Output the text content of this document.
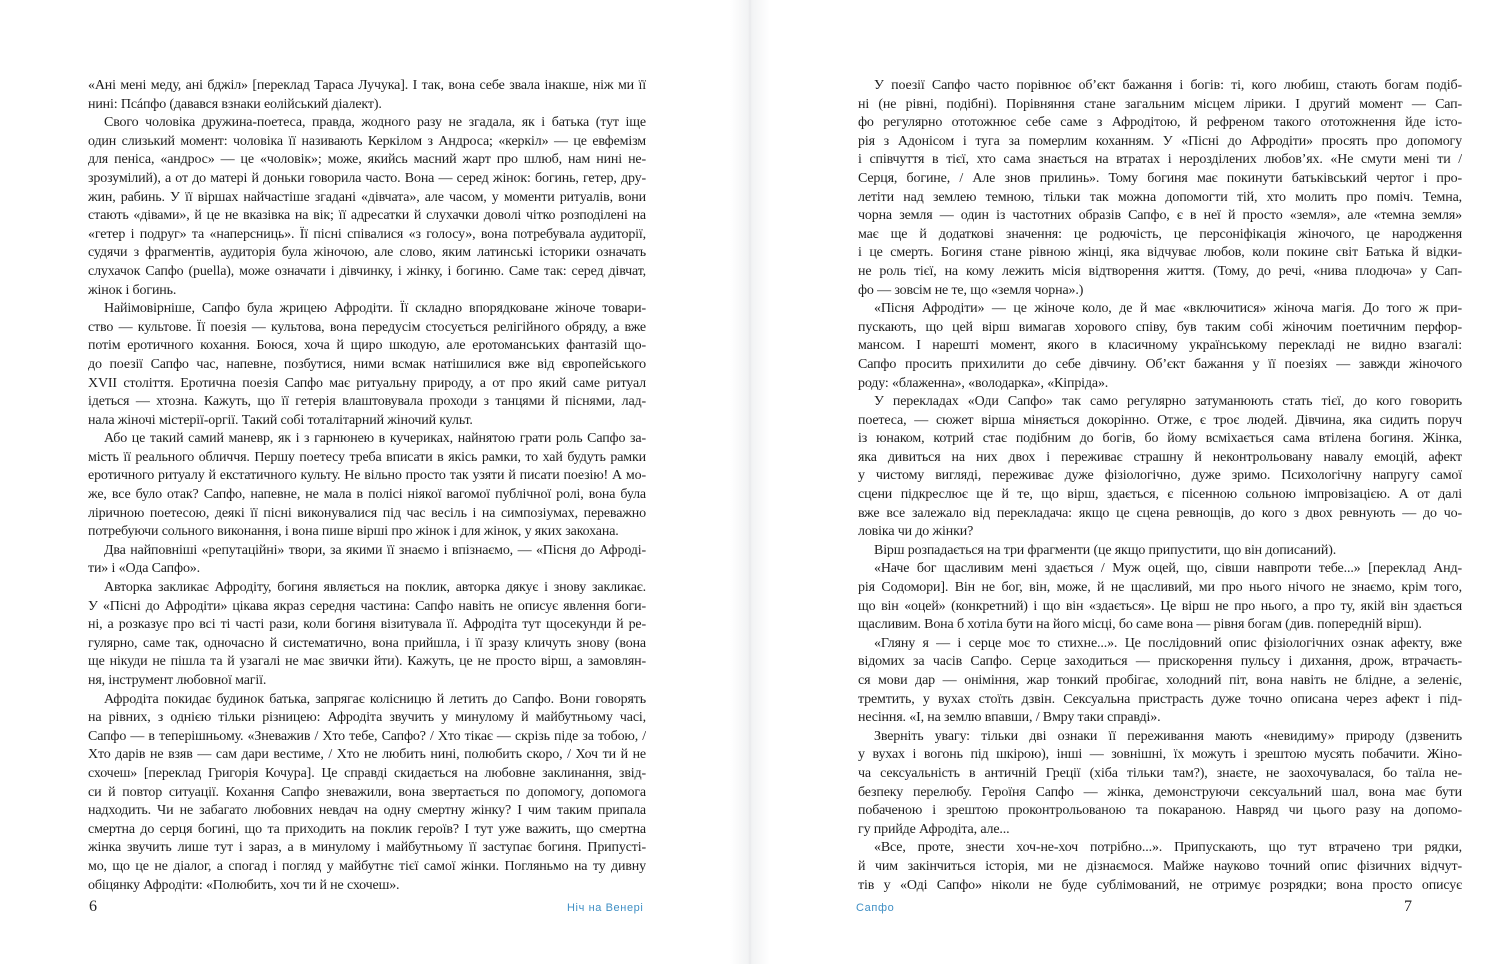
«Ані мені меду, ані бджіл» [переклад Тараса Лучука]. І так, вона себе звала інакше, ніж ми її
нині: Псáпфо (давався взнаки еолійський діалект).
Свого чоловіка дружина-поетеса, правда, жодного разу не згадала, як і батька (тут іще
один слизький момент: чоловіка її називають Керкілом з Андроса; «керкіл» — це евфемізм
для пеніса, «андрос» — це «чоловік»; може, якийсь масний жарт про шлюб, нам нині не-
зрозумілий), а от до матері й доньки говорила часто. Вона — серед жінок: богинь, гетер, дру-
жин, рабинь. У її віршах найчастіше згадані «дівчата», але часом, у моменти ритуалів, вони
стають «дівами», й це не вказівка на вік; її адресатки й слухачки доволі чітко розподілені на
«гетер і подруг» та «наперсниць». Її пісні співалися «з голосу», вона потребувала аудиторії,
судячи з фрагментів, аудиторія була жіночою, але слово, яким латинські історики означать
слухачок Сапфо (puella), може означати і дівчинку, і жінку, і богиню. Саме так: серед дівчат,
жінок і богинь.
Найімовірніше, Сапфо була жрицею Афродіти. Її складно впорядковане жіноче товари-
ство — культове. Її поезія — культова, вона передусім стосується релігійного обряду, а вже
потім еротичного кохання. Боюся, хоча й щиро шкодую, але еротоманських фантазій що-
до поезії Сапфо час, напевне, позбутися, ними всмак натішилися вже від європейського
XVII століття. Еротична поезія Сапфо має ритуальну природу, а от про який саме ритуал
ідеться — хтозна. Кажуть, що її гетерія влаштовувала проходи з танцями й піснями, лад-
нала жіночі містерії-оргії. Такий собі тоталітарний жіночий культ.
Або це такий самий маневр, як і з гарнюнею в кучериках, найнятою грати роль Сапфо за-
мість її реального обличчя. Першу поетесу треба вписати в якісь рамки, то хай будуть рамки
еротичного ритуалу й екстатичного культу. Не вільно просто так узяти й писати поезію! А мо-
же, все було отак? Сапфо, напевне, не мала в полісі ніякої вагомої публічної ролі, вона була
ліричною поетесою, деякі її пісні виконувалися під час весіль і на симпозіумах, переважно
потребуючи сольного виконання, і вона пише вірші про жінок і для жінок, у яких закохана.
Два найповніші «репутаційні» твори, за якими її знаємо і впізнаємо, — «Пісня до Афроді-
ти» і «Ода Сапфо».
Авторка закликає Афродіту, богиня являється на поклик, авторка дякує і знову закликає.
У «Пісні до Афродіти» цікава якраз середня частина: Сапфо навіть не описує явлення боги-
ні, а розказує про всі ті часті рази, коли богиня візитувала її. Афродіта тут щосекунди й ре-
гулярно, саме так, одночасно й систематично, вона прийшла, і її зразу кличуть знову (вона
ще нікуди не пішла та й узагалі не має звички йти). Кажуть, це не просто вірш, а замовлян-
ня, інструмент любовної магії.
Афродіта покидає будинок батька, запрягає колісницю й летить до Сапфо. Вони говорять
на рівних, з однією тільки різницею: Афродіта звучить у минулому й майбутньому часі,
Сапфо — в теперішньому. «Зневажив / Хто тебе, Сапфо? / Хто тікає — скрізь піде за тобою, /
Хто дарів не взяв — сам дари вестиме, / Хто не любить нині, полюбить скоро, / Хоч ти й не
схочеш» [переклад Григорія Кочура]. Це справді скидається на любовне заклинання, звід-
си й повтор ситуації. Кохання Сапфо зневажили, вона звертається по допомогу, допомога
надходить. Чи не забагато любовних невдач на одну смертну жінку? І чим таким припала
смертна до серця богині, що та приходить на поклик героїв? І тут уже важить, що смертна
жінка звучить лише тут і зараз, а в минулому і майбутньому її заступає богиня. Припусті-
мо, що це не діалог, а спогад і погляд у майбутнє тієї самої жінки. Погляньмо на ту дивну
обіцянку Афродіти: «Полюбить, хоч ти й не схочеш».
6	Ніч на Венері
У поезії Сапфо часто порівнює об’єкт бажання і богів: ті, кого любиш, стають богам подіб-
ні (не рівні, подібні). Порівняння стане загальним місцем лірики. І другий момент — Сап-
фо регулярно ототожнює себе саме з Афродітою, й рефреном такого ототожнення йде істо-
рія з Адонісом і туга за померлим коханням. У «Пісні до Афродіти» просять про допомогу
і співчуття в тієї, хто сама знається на втратах і нерозділених любов’ях. «Не смути мені ти /
Серця, богине, / Але знов прилинь». Тому богиня має покинути батьківський чертог і про-
летіти над землею темною, тільки так можна допомогти тій, хто молить про поміч. Темна,
чорна земля — один із частотних образів Сапфо, є в неї й просто «земля», але «темна земля»
має ще й додаткові значення: це родючість, це персоніфікація жіночого, це народження
і це смерть. Богиня стане рівною жінці, яка відчуває любов, коли покине світ Батька й відки-
не роль тієї, на кому лежить місія відтворення життя. (Тому, до речі, «нива плодюча» у Сап-
фо — зовсім не те, що «земля чорна».)
«Пісня Афродіти» — це жіноче коло, де й має «включитися» жіноча магія. До того ж при-
пускають, що цей вірш вимагав хорового співу, був таким собі жіночим поетичним перфор-
мансом. І нарешті момент, якого в класичному українському перекладі не видно взагалі:
Сапфо просить прихилити до себе дівчину. Об’єкт бажання у її поезіях — завжди жіночого
роду: «блаженна», «володарка», «Кіпріда».
У перекладах «Оди Сапфо» так само регулярно затуманюють стать тієї, до кого говорить
поетеса, — сюжет вірша міняється докорінно. Отже, є троє людей. Дівчина, яка сидить поруч
із юнаком, котрий стає подібним до богів, бо йому всміхається сама втілена богиня. Жінка,
яка дивиться на них двох і переживає страшну й неконтрольовану навалу емоцій, афект
у чистому вигляді, переживає дуже фізіологічно, дуже зримо. Психологічну напругу самої
сцени підкреслює ще й те, що вірш, здається, є пісенною сольною імпровізацією. А от далі
вже все залежало від перекладача: якщо це сцена ревнощів, до кого з двох ревнують — до чо-
ловіка чи до жінки?
Вірш розпадається на три фрагменти (це якщо припустити, що він дописаний).
«Наче бог щасливим мені здається / Муж оцей, що, сівши навпроти тебе...» [переклад Анд-
рія Содомори]. Він не бог, він, може, й не щасливий, ми про нього нічого не знаємо, крім того,
що він «оцей» (конкретний) і що він «здається». Це вірш не про нього, а про ту, якій він здається
щасливим. Вона б хотіла бути на його місці, бо саме вона — рівня богам (див. попередній вірш).
«Гляну я — і серце моє то стихне...». Це послідовний опис фізіологічних ознак афекту, вже
відомих за часів Сапфо. Серце заходиться — прискорення пульсу і дихання, дрож, втрачаєть-
ся мови дар — оніміння, жар тонкий пробігає, холодний піт, вона навіть не блідне, а зеленіє,
тремтить, у вухах стоїть дзвін. Сексуальна пристрасть дуже точно описана через афект і під-
несіння. «І, на землю впавши, / Вмру таки справді».
Зверніть увагу: тільки дві ознаки її переживання мають «невидиму» природу (дзвенить
у вухах і вогонь під шкірою), інші — зовнішні, їх можуть і зрештою мусять побачити. Жіно-
ча сексуальність в античній Греції (хіба тільки там?), знаєте, не заохочувалася, бо таїла не-
безпеку перелюбу. Героїня Сапфо — жінка, демонструючи сексуальний шал, вона має бути
побаченою і зрештою проконтрольованою та покараною. Навряд чи цього разу на допомо-
гу прийде Афродіта, але...
«Все, проте, знести хоч-не-хоч потрібно...». Припускають, що тут втрачено три рядки,
й чим закінчиться історія, ми не дізнаємося. Майже науково точний опис фізичних відчут-
тів у «Оді Сапфо» ніколи не буде сублімований, не отримує розрядки; вона просто описує
7
Сапфо
